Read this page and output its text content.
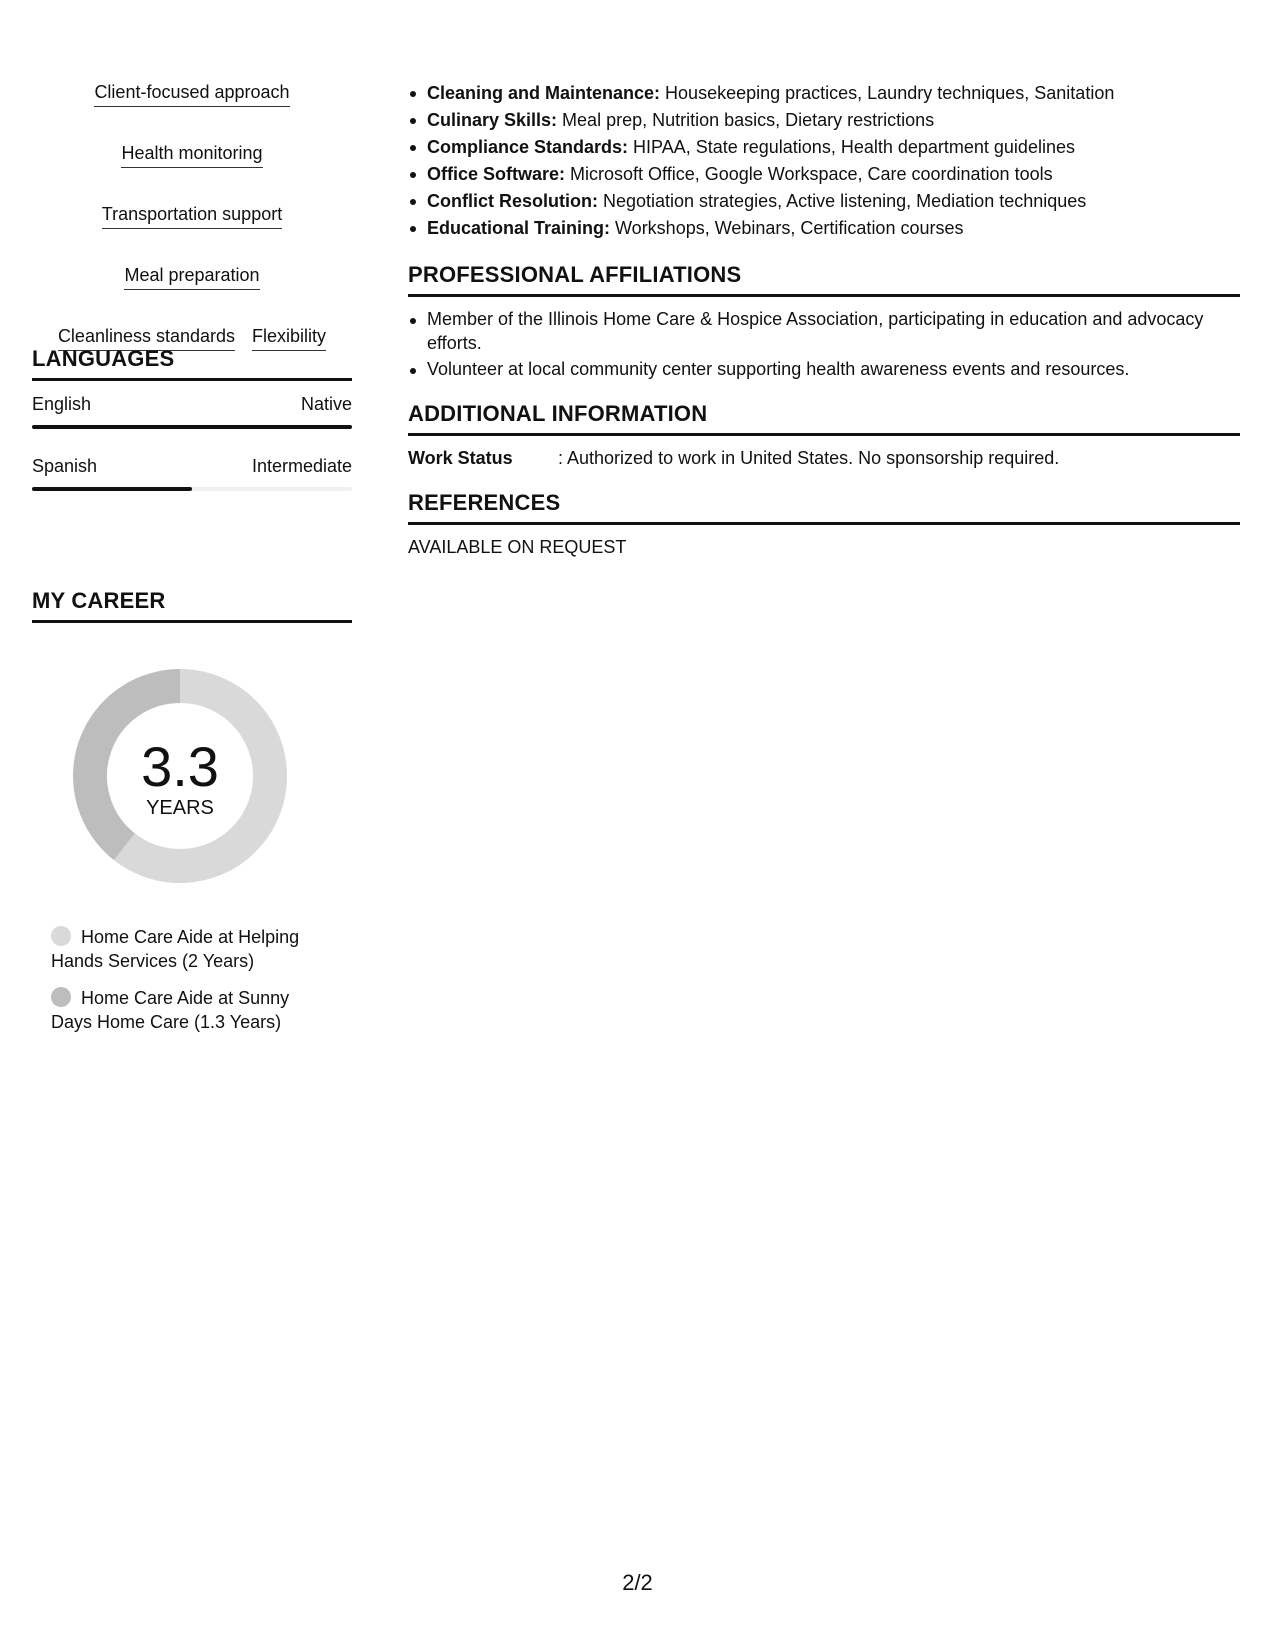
Client-focused approach
Health monitoring
Transportation support
Meal preparation
Cleanliness standards Flexibility
LANGUAGES
English	Native
Spanish	Intermediate
MY CAREER
3.3
YEARS
Home Care Aide at Helping Hands Services (2 Years)
Home Care Aide at Sunny Days Home Care (1.3 Years)
Cleaning and Maintenance: Housekeeping practices, Laundry techniques, Sanitation
Culinary Skills: Meal prep, Nutrition basics, Dietary restrictions
Compliance Standards: HIPAA, State regulations, Health department guidelines
Office Software: Microsoft Office, Google Workspace, Care coordination tools
Conflict Resolution: Negotiation strategies, Active listening, Mediation techniques
Educational Training: Workshops, Webinars, Certification courses
PROFESSIONAL AFFILIATIONS
Member of the Illinois Home Care & Hospice Association, participating in education and advocacy efforts.
Volunteer at local community center supporting health awareness events and resources.
ADDITIONAL INFORMATION
Work Status	: Authorized to work in United States. No sponsorship required.
REFERENCES
AVAILABLE ON REQUEST
2/2
